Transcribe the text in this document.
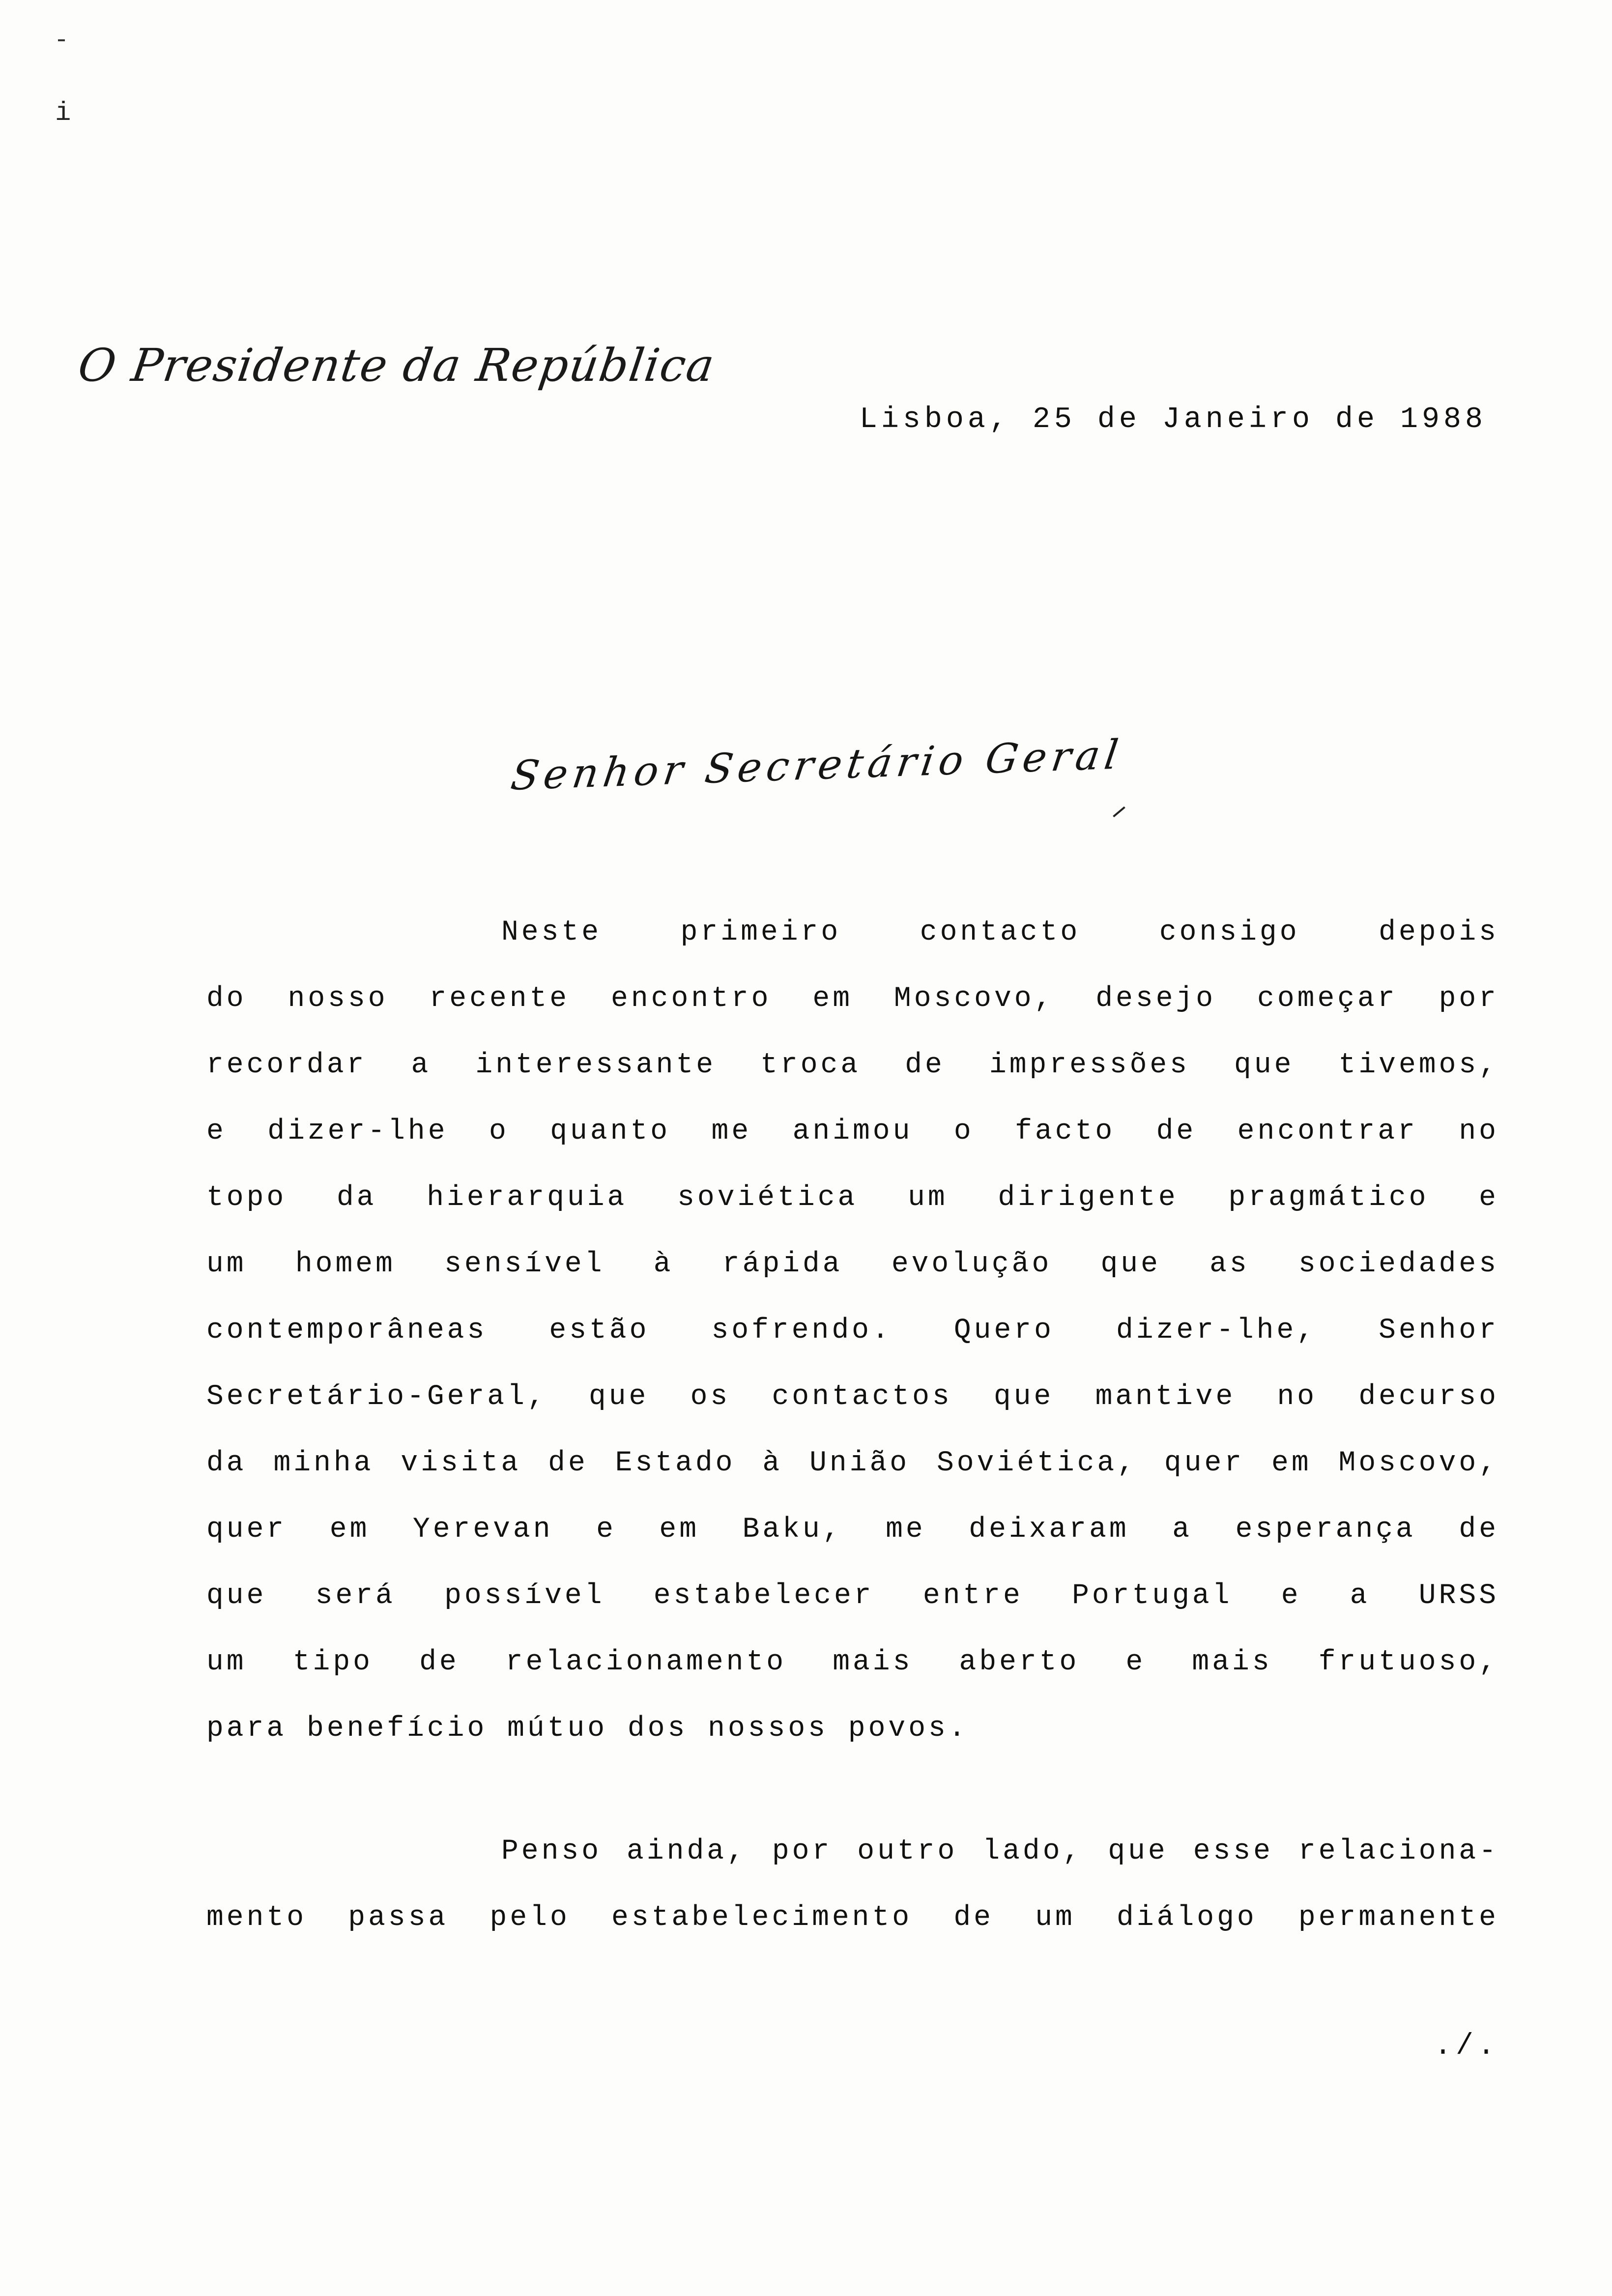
i
O Presidente da República
Lisboa, 25 de Janeiro de 1988
Senhor Secretário Geral
Neste primeiro contacto consigo depois
do nosso recente encontro em Moscovo, desejo começar por
recordar a interessante troca de impressões que tivemos,
e dizer-lhe o quanto me animou o facto de encontrar no
topo da hierarquia soviética um dirigente pragmático e
um homem sensível à rápida evolução que as sociedades
contemporâneas estão sofrendo. Quero dizer-lhe, Senhor
Secretário-Geral, que os contactos que mantive no decurso
da minha visita de Estado à União Soviética, quer em Moscovo,
quer em Yerevan e em Baku, me deixaram a esperança de
que será possível estabelecer entre Portugal e a URSS
um tipo de relacionamento mais aberto e mais frutuoso,
para benefício mútuo dos nossos povos.
Penso ainda, por outro lado, que esse relaciona-
mento passa pelo estabelecimento de um diálogo permanente
./.
